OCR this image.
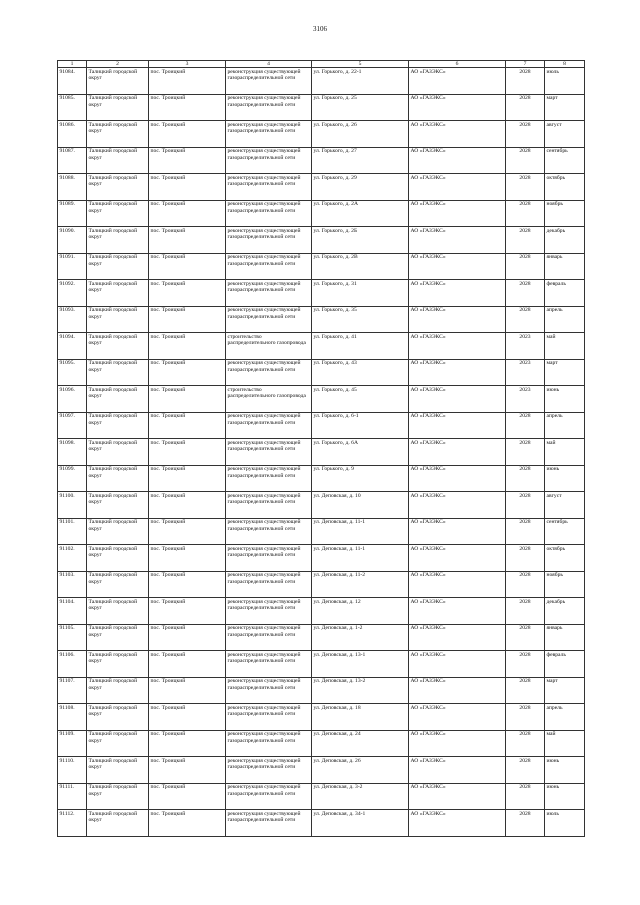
3106
1	2	3	4	5	6	7	8
91084.	Талицкий городской округ	пос. Троицкий	реконструкция существующей газораспределительной сети	ул. Горького, д. 22-1	АО «ГАЗЭКС»	2028	июль
91085.	Талицкий городской округ	пос. Троицкий	реконструкция существующей газораспределительной сети	ул. Горького, д. 25	АО «ГАЗЭКС»	2028	март
91086.	Талицкий городской округ	пос. Троицкий	реконструкция существующей газораспределительной сети	ул. Горького, д. 26	АО «ГАЗЭКС»	2028	август
91087.	Талицкий городской округ	пос. Троицкий	реконструкция существующей газораспределительной сети	ул. Горького, д. 27	АО «ГАЗЭКС»	2028	сентябрь
91088.	Талицкий городской округ	пос. Троицкий	реконструкция существующей газораспределительной сети	ул. Горького, д. 29	АО «ГАЗЭКС»	2028	октябрь
91089.	Талицкий городской округ	пос. Троицкий	реконструкция существующей газораспределительной сети	ул. Горького, д. 2А	АО «ГАЗЭКС»	2028	ноябрь
91090.	Талицкий городской округ	пос. Троицкий	реконструкция существующей газораспределительной сети	ул. Горького, д. 2Б	АО «ГАЗЭКС»	2028	декабрь
91091.	Талицкий городской округ	пос. Троицкий	реконструкция существующей газораспределительной сети	ул. Горького, д. 2В	АО «ГАЗЭКС»	2028	январь
91092.	Талицкий городской округ	пос. Троицкий	реконструкция существующей газораспределительной сети	ул. Горького, д. 31	АО «ГАЗЭКС»	2028	февраль
91093.	Талицкий городской округ	пос. Троицкий	реконструкция существующей газораспределительной сети	ул. Горького, д. 35	АО «ГАЗЭКС»	2028	апрель
91094.	Талицкий городской округ	пос. Троицкий	строительство распределительного газопровода	ул. Горького, д. 41	АО «ГАЗЭКС»	2023	май
91095.	Талицкий городской округ	пос. Троицкий	реконструкция существующей газораспределительной сети	ул. Горького, д. 43	АО «ГАЗЭКС»	2023	март
91096.	Талицкий городской округ	пос. Троицкий	строительство распределительного газопровода	ул. Горького, д. 45	АО «ГАЗЭКС»	2023	июнь
91097.	Талицкий городской округ	пос. Троицкий	реконструкция существующей газораспределительной сети	ул. Горького, д. 6-1	АО «ГАЗЭКС»	2028	апрель
91098.	Талицкий городской округ	пос. Троицкий	реконструкция существующей газораспределительной сети	ул. Горького, д. 6А	АО «ГАЗЭКС»	2028	май
91099.	Талицкий городской округ	пос. Троицкий	реконструкция существующей газораспределительной сети	ул. Горького, д. 9	АО «ГАЗЭКС»	2028	июнь
91100.	Талицкий городской округ	пос. Троицкий	реконструкция существующей газораспределительной сети	ул. Деповская, д. 10	АО «ГАЗЭКС»	2028	август
91101.	Талицкий городской округ	пос. Троицкий	реконструкция существующей газораспределительной сети	ул. Деповская, д. 11-1	АО «ГАЗЭКС»	2028	сентябрь
91102.	Талицкий городской округ	пос. Троицкий	реконструкция существующей газораспределительной сети	ул. Деповская, д. 11-1	АО «ГАЗЭКС»	2028	октябрь
91103.	Талицкий городской округ	пос. Троицкий	реконструкция существующей газораспределительной сети	ул. Деповская, д. 11-2	АО «ГАЗЭКС»	2028	ноябрь
91104.	Талицкий городской округ	пос. Троицкий	реконструкция существующей газораспределительной сети	ул. Деповская, д. 12	АО «ГАЗЭКС»	2028	декабрь
91105.	Талицкий городской округ	пос. Троицкий	реконструкция существующей газораспределительной сети	ул. Деповская, д. 1-2	АО «ГАЗЭКС»	2028	январь
91106.	Талицкий городской округ	пос. Троицкий	реконструкция существующей газораспределительной сети	ул. Деповская, д. 13-1	АО «ГАЗЭКС»	2028	февраль
91107.	Талицкий городской округ	пос. Троицкий	реконструкция существующей газораспределительной сети	ул. Деповская, д. 13-2	АО «ГАЗЭКС»	2028	март
91108.	Талицкий городской округ	пос. Троицкий	реконструкция существующей газораспределительной сети	ул. Деповская, д. 18	АО «ГАЗЭКС»	2028	апрель
91109.	Талицкий городской округ	пос. Троицкий	реконструкция существующей газораспределительной сети	ул. Деповская, д. 24	АО «ГАЗЭКС»	2028	май
91110.	Талицкий городской округ	пос. Троицкий	реконструкция существующей газораспределительной сети	ул. Деповская, д. 26	АО «ГАЗЭКС»	2028	июнь
91111.	Талицкий городской округ	пос. Троицкий	реконструкция существующей газораспределительной сети	ул. Деповская, д. 3-2	АО «ГАЗЭКС»	2028	июнь
91112.	Талицкий городской округ	пос. Троицкий	реконструкция существующей газораспределительной сети	ул. Деповская, д. 34-1	АО «ГАЗЭКС»	2028	июль
